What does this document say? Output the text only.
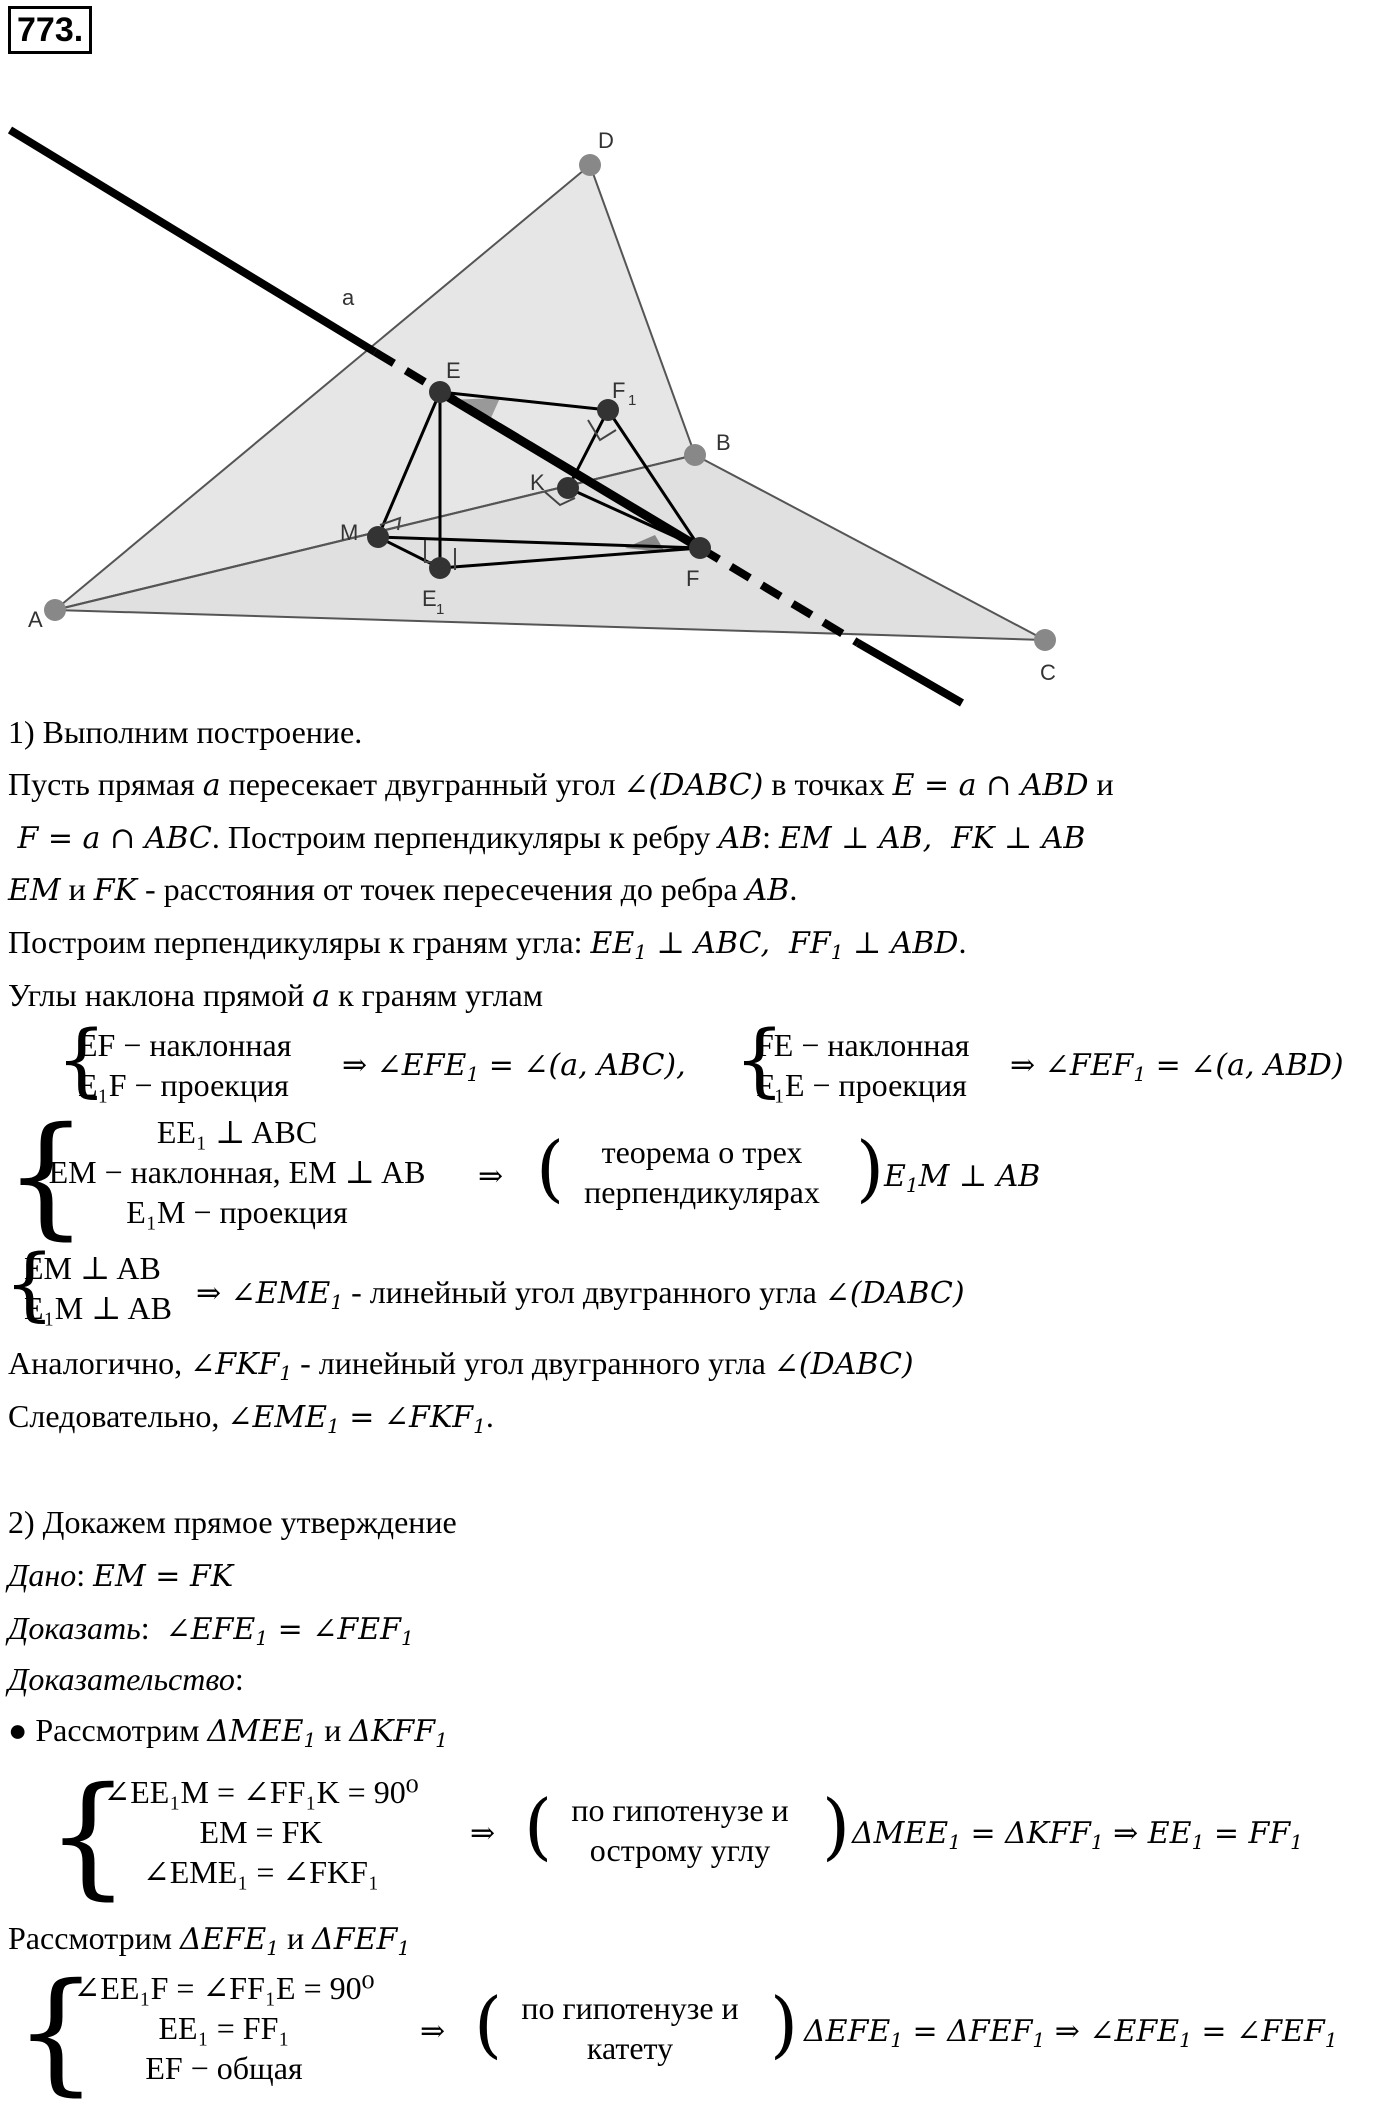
773.
D
a
E
F 1
B
K
M
E 1
F
A
C
1) Выполним построение.
Пусть прямая a пересекает двугранный угол ∠(DABC) в точках E = a ∩ ABD и
F = a ∩ ABC. Построим перпендикуляры к ребру AB: EM ⊥ AB,  FK ⊥ AB
EM и FK - расстояния от точек пересечения до ребра AB.
Построим перпендикуляры к граням угла: $EE_1$ ⊥ ABC,  $FF_1$ ⊥ ABD.
Углы наклона прямой a к граням углам
{
EF − наклонная
E₁F − проекция
⇒ $\angle EFE_1$ = ∠(a, ABC), {
FE − наклонная
F₁E − проекция
⇒ $\angle FEF_1$ = ∠(a, ABD)
{	EE₁ ⊥ ABC
EM − наклонная, EM ⊥ AB
E₁M − проекция
⇒ (	теорема о трех
перпендикулярах ) $E_1M$ ⊥ AB
{
EM ⊥ AB
E₁M ⊥ AB ⇒ $\angle EME_1$ - линейный угол двугранного угла ∠(DABC)
Аналогично, $\angle FKF_1$ - линейный угол двугранного угла ∠(DABC)
Следовательно, $\angle EME_1$ = $\angle FKF_1$.
2) Докажем прямое утверждение
Дано: EM = FK
Доказать:  $\angle EFE_1$ = $\angle FEF_1$
Доказательство:
● Рассмотрим $\Delta MEE_1$ и $\Delta KFF_1$
{
∠EE₁M = ∠FF₁K = 90⁰
EM = FK
∠EME₁ = ∠FKF₁
⇒ ( по гипотенузе и
острому углу ) $\Delta MEE_1 = \Delta KFF_1$ ⇒ $EE_1 = FF_1$
Рассмотрим $\Delta EFE_1$ и $\Delta FEF_1$
{
∠EE₁F = ∠FF₁E = 90⁰
EE₁ = FF₁
EF − общая
⇒ ( по гипотенузе и
катету	) $\Delta EFE_1 = \Delta FEF_1$ ⇒ $\angle EFE_1$ = $\angle FEF_1$
